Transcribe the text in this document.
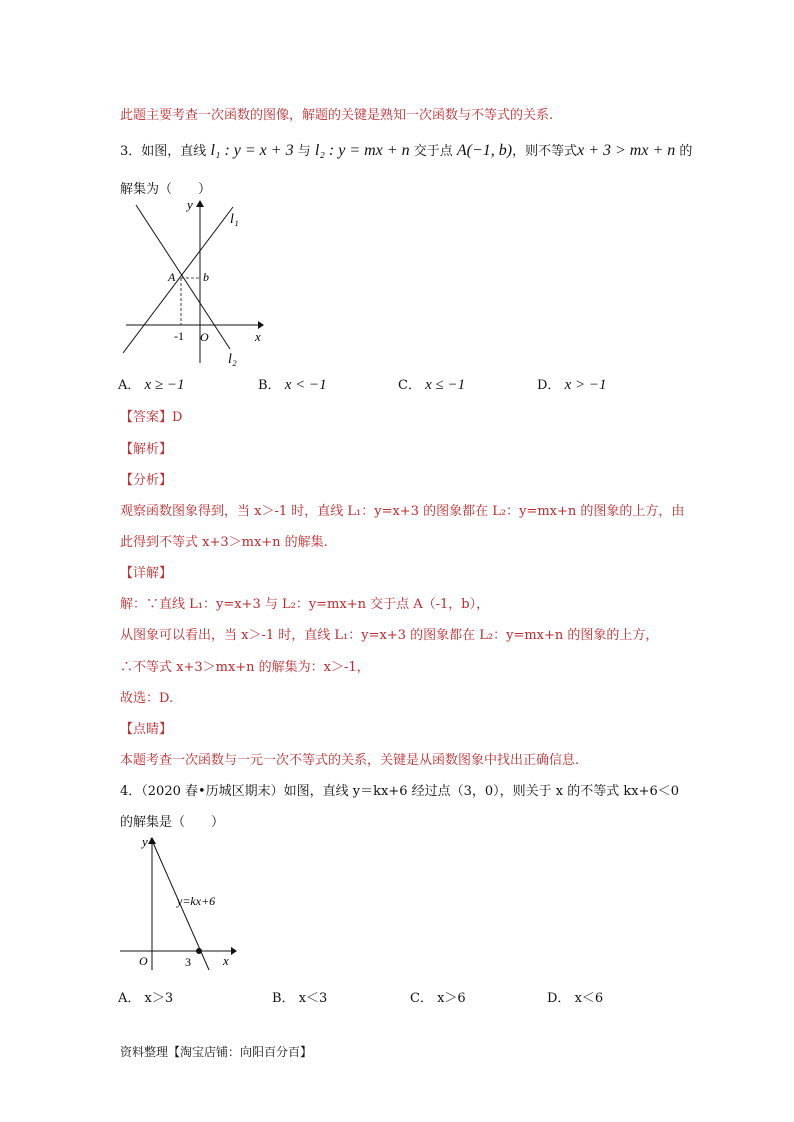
此题主要考查一次函数的图像，解题的关键是熟知一次函数与不等式的关系.
3．如图，直线 l₁ : y = x + 3 与 l₂ : y = mx + n 交于点 A(−1, b)，则不等式x + 3 > mx + n 的
解集为（　　）
y
l₁
A b
-1 O	x
l₂
A． x ≥ −1	B． x < −1	C． x ≤ −1	D． x > −1
【答案】D
【解析】
【分析】
观察函数图象得到，当 x＞-1 时，直线 L₁：y=x+3 的图象都在 L₂：y=mx+n 的图象的上方，由
此得到不等式 x+3＞mx+n 的解集.
【详解】
解：∵直线 L₁：y=x+3 与 L₂：y=mx+n 交于点 A（-1，b），
从图象可以看出，当 x＞-1 时，直线 L₁：y=x+3 的图象都在 L₂：y=mx+n 的图象的上方，
∴不等式 x+3＞mx+n 的解集为：x＞-1，
故选：D.
【点睛】
本题考查一次函数与一元一次不等式的关系，关键是从函数图象中找出正确信息.
4．（2020 春•历城区期末）如图，直线 y＝kx+6 经过点（3，0），则关于 x 的不等式 kx+6＜0
的解集是（　　）
y
y=kx+6
O	3 x
A． x＞3	B． x＜3	C． x＞6	D． x＜6
资料整理【淘宝店铺：向阳百分百】
